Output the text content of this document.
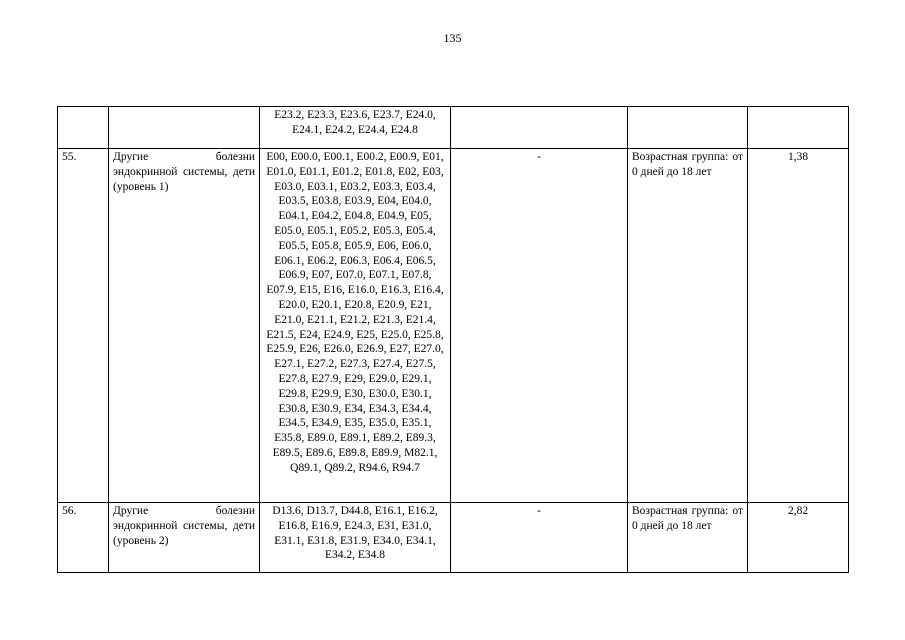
135
		E23.2, E23.3, E23.6, E23.7, E24.0, E24.1, E24.2, E24.4, E24.8			
55.	Другие болезни эндокринной системы, дети (уровень 1)	E00, E00.0, E00.1, E00.2, E00.9, E01, E01.0, E01.1, E01.2, E01.8, E02, E03, E03.0, E03.1, E03.2, E03.3, E03.4, E03.5, E03.8, E03.9, E04, E04.0, E04.1, E04.2, E04.8, E04.9, E05, E05.0, E05.1, E05.2, E05.3, E05.4, E05.5, E05.8, E05.9, E06, E06.0, E06.1, E06.2, E06.3, E06.4, E06.5, E06.9, E07, E07.0, E07.1, E07.8, E07.9, E15, E16, E16.0, E16.3, E16.4, E20.0, E20.1, E20.8, E20.9, E21, E21.0, E21.1, E21.2, E21.3, E21.4, E21.5, E24, E24.9, E25, E25.0, E25.8, E25.9, E26, E26.0, E26.9, E27, E27.0, E27.1, E27.2, E27.3, E27.4, E27.5, E27.8, E27.9, E29, E29.0, E29.1, E29.8, E29.9, E30, E30.0, E30.1, E30.8, E30.9, E34, E34.3, E34.4, E34.5, E34.9, E35, E35.0, E35.1, E35.8, E89.0, E89.1, E89.2, E89.3, E89.5, E89.6, E89.8, E89.9, M82.1, Q89.1, Q89.2, R94.6, R94.7	-	Возрастная группа: от 0 дней до 18 лет	1,38
56.	Другие болезни эндокринной системы, дети (уровень 2)	D13.6, D13.7, D44.8, E16.1, E16.2, E16.8, E16.9, E24.3, E31, E31.0, E31.1, E31.8, E31.9, E34.0, E34.1, E34.2, E34.8	-	Возрастная группа: от 0 дней до 18 лет	2,82
